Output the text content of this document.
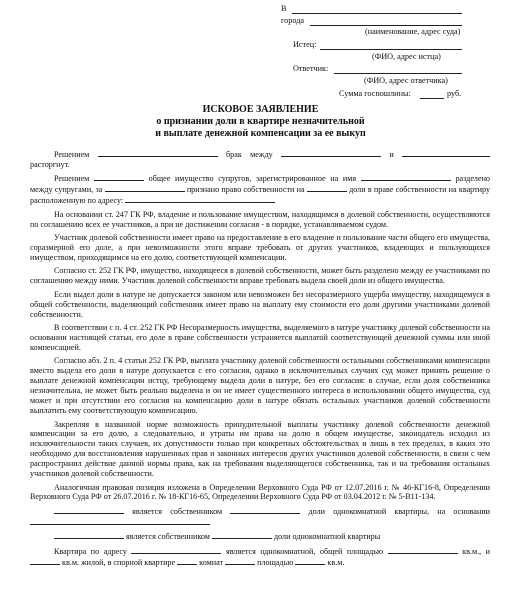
В
города
(наименование, адрес суда)
Истец:
(ФИО, адрес истца)
Ответчик:
(ФИО, адрес ответчика)
Сумма госпошлины:	руб.
ИСКОВОЕ ЗАЯВЛЕНИЕ
о признании доли в квартире незначительной
и выплате денежной компенсации за ее выкуп

Решением	брак между	и  расторгнут.

Решением	общее имущество супругов, зарегистрированное на имя	разделено между супругами, за	признано право собственности на	доли в праве собственности на квартиру расположенную по адресу:

На основании ст. 247 ГК РФ, владение и пользование имуществом, находящимся в долевой собственности, осуществляются по соглашению всех ее участников, а при не достижении согласия - в порядке, устанавливаемом судом.

Участник долевой собственности имеет право на предоставление в его владение и пользование части общего его имущества, соразмерной его доле, а при невозможности этого вправе требовать от других участников, владеющих и пользующихся имуществом, приходящимся на его долю, соответствующей компенсации.

Согласно ст. 252 ГК РФ, имущество, находящееся в долевой собственности, может быть разделено между ее участниками по соглашению между ними. Участник долевой собственности вправе требовать выдела своей доли из общего имущества.

Если выдел доли в натуре не допускается законом или невозможен без несоразмерного ущерба имуществу, находящемуся в общей собственности, выделяющий собственник имеет право на выплату ему стоимости его доли другими участниками долевой собственности.

В соответствии с п. 4 ст. 252 ГК РФ Несоразмерность имущества, выделяемого в натуре участнику долевой собственности на основании настоящей статьи, его доле в праве собственности устраняется выплатой соответствующей денежной суммы или иной компенсацией.

Согласно абз. 2 п. 4 статьи 252 ГК РФ, выплата участнику долевой собственности остальными собственниками компенсации вместо выдела его доли в натуре допускается с его согласия, однако в исключительных случаях суд может принять решение о выплате денежной компенсации истцу, требующему выдела доли в натуре, без его согласия: в случае, если доля собственника незначительна, не может быть реально выделена и он не имеет существенного интереса в использовании общего имущества, суд может и при отсутствии его согласия на компенсацию доли в натуре обязать остальных участников долевой собственности выплатить ему соответствующую компенсацию.

Закрепляя в названной норме возможность принудительной выплаты участнику долевой собственности денежной компенсации за его долю, а следовательно, и утраты им права на долю в общем имуществе, законодатель исходил из исключительности таких случаев, их допустимости только при конкретных обстоятельствах и лишь в тех пределах, в каких это необходимо для восстановления нарушенных прав и законных интересов других участников долевой собственности, в связи с чем распространил действие данной нормы права, как на требования выделяющегося собственника, так и на требования остальных участников долевой собственности.

Аналогичная правовая позиция изложена в Определении Верховного Суда РФ от 12.07.2016 г. № 46-КГ16-8, Определении Верховного Суда РФ от 26.07.2016 г. № 18-КГ16-65, Определении Верховного Суда РФ от 03.04.2012 г. № 5-В11-134.

является собственником	доли однокомнатной квартиры, на основании

является собственником	доли однокомнатной квартиры

Квартира по адресу	является однокомнатной, общей площадью	кв.м., и  кв.м. жилой, в спорной квартире	комнат	площадью	кв.м.
